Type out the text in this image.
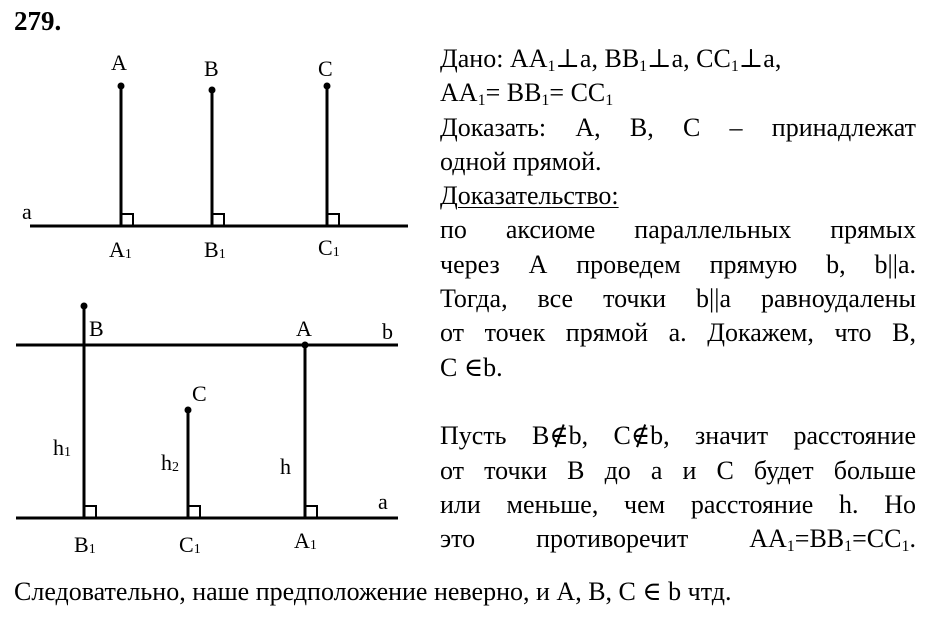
279.
a
A	B	C
A1	B1	C1
b
a
B
C
A
h1	h2	h
B1	C1	A1

Дано: $AA_1\perp a$, $BB_1\perp a$, $CC_1\perp a$,

$AA_1= BB_1= CC_1$

Доказать: А, В, С – принадлежат

одной прямой.

Доказательство:

по аксиоме параллельных прямых

через А проведем прямую b, b||a.

Тогда, все точки b||a равноудалены

от точек прямой а. Докажем, что В,

С ∈b.

Пусть В∉b, С∉b, значит расстояние

от точки В до а и С будет больше

или меньше, чем расстояние h. Но

это противоречит $AA_1=BB_1=CC_1$.

Следовательно, наше предположение неверно, и А, В, С ∈ b чтд.
